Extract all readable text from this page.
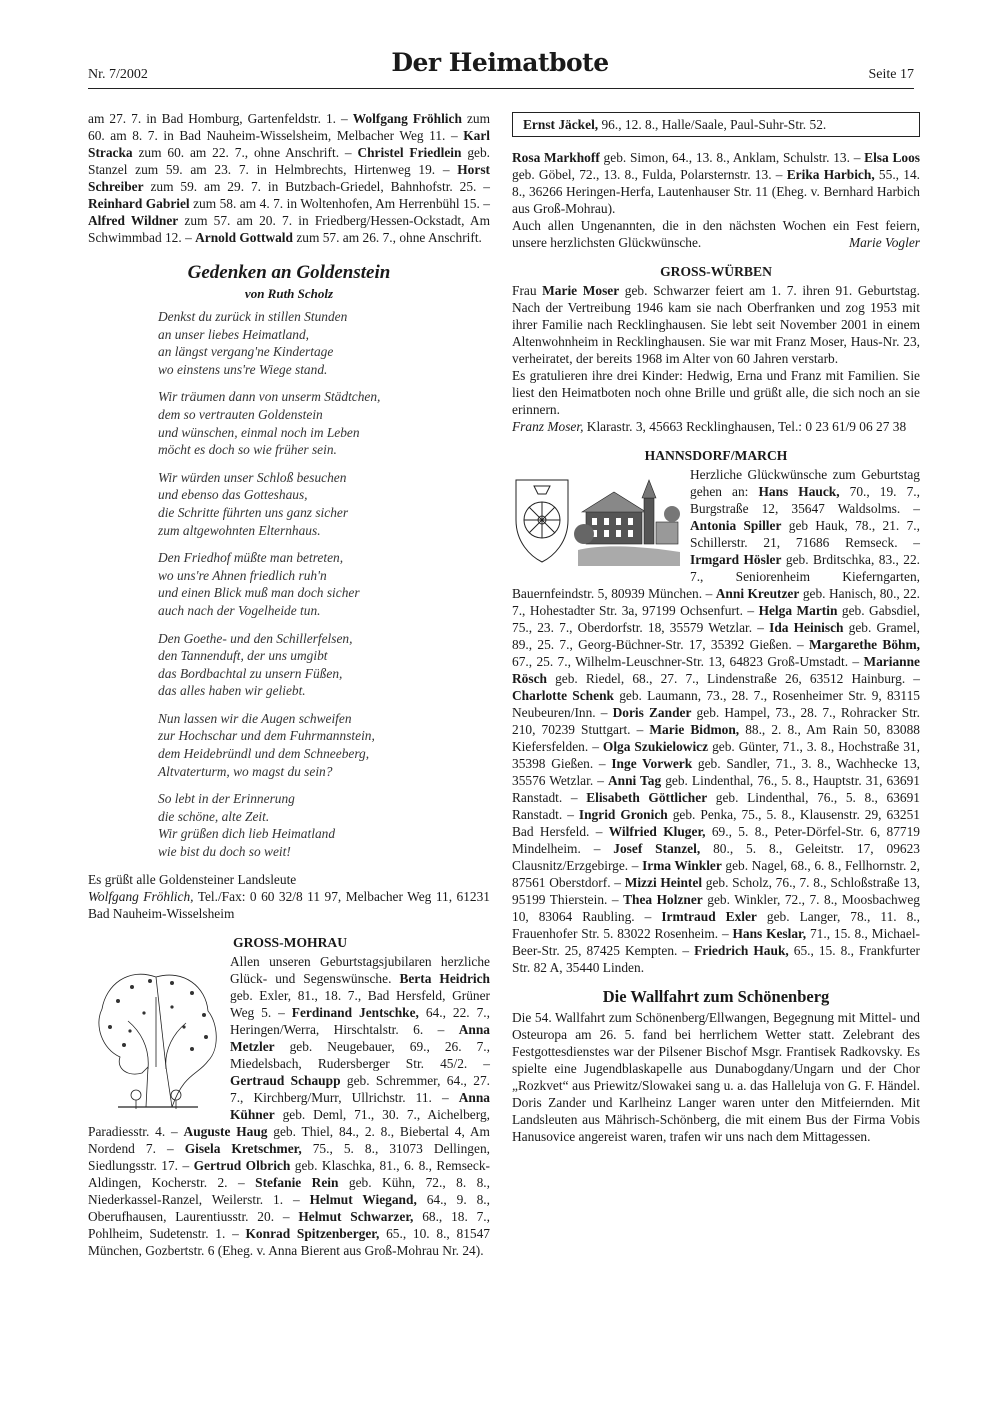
Nr. 7/2002	Der Heimatbote	Seite 17

am 27. 7. in Bad Homburg, Gartenfeldstr. 1. – Wolfgang Fröhlich zum 60. am 8. 7. in Bad Nauheim-Wisselsheim, Melbacher Weg 11. – Karl Stracka zum 60. am 22. 7., ohne Anschrift. – Christel Friedlein geb. Stanzel zum 59. am 23. 7. in Helmbrechts, Hirtenweg 19. – Horst Schreiber zum 59. am 29. 7. in Butzbach-Griedel, Bahnhofstr. 25. – Reinhard Gabriel zum 58. am 4. 7. in Woltenhofen, Am Herrenbühl 15. – Alfred Wildner zum 57. am 20. 7. in Friedberg/Hessen-Ockstadt, Am Schwimmbad 12. – Arnold Gottwald zum 57. am 26. 7., ohne Anschrift.

Gedenken an Goldenstein
von Ruth Scholz
Denkst du zurück in stillen Stunden
an unser liebes Heimatland,
an längst vergang'ne Kindertage
wo einstens uns're Wiege stand.
Wir träumen dann von unserm Städtchen,
dem so vertrauten Goldenstein
und wünschen, einmal noch im Leben
möcht es doch so wie früher sein.
Wir würden unser Schloß besuchen
und ebenso das Gotteshaus,
die Schritte führten uns ganz sicher
zum altgewohnten Elternhaus.
Den Friedhof müßte man betreten,
wo uns're Ahnen friedlich ruh'n
und einen Blick muß man doch sicher
auch nach der Vogelheide tun.
Den Goethe- und den Schillerfelsen,
den Tannenduft, der uns umgibt
das Bordbachtal zu unsern Füßen,
das alles haben wir geliebt.
Nun lassen wir die Augen schweifen
zur Hochschar und dem Fuhrmannstein,
dem Heidebründl und dem Schneeberg,
Altvaterturm, wo magst du sein?
So lebt in der Erinnerung
die schöne, alte Zeit.
Wir grüßen dich lieb Heimatland
wie bist du doch so weit!

Es grüßt alle Goldensteiner Landsleute

Wolfgang Fröhlich, Tel./Fax: 0 60 32/8 11 97, Melbacher Weg 11, 61231 Bad Nauheim-Wisselsheim

GROSS-MOHRAU
Allen unseren Geburtstagsjubilaren herzliche Glück- und Segenswünsche. Berta Heidrich geb. Exler, 81., 18. 7., Bad Hersfeld, Grüner Weg 5. – Ferdinand Jentschke, 64., 22. 7., Heringen/Werra, Hirschtalstr. 6. – Anna Metzler geb. Neugebauer, 69., 26. 7., Miedelsbach, Rudersberger Str. 45/2. – Gertraud Schaupp geb. Schremmer, 64., 27. 7., Kirchberg/Murr, Ullrichstr. 11. – Anna Kühner geb. Deml, 71., 30. 7., Aichelberg, Paradiesstr. 4. – Auguste Haug geb. Thiel, 84., 2. 8., Biebertal 4, Am Nordend 7. – Gisela Kretschmer, 75., 5. 8., 31073 Dellingen, Siedlungsstr. 17. – Gertrud Olbrich geb. Klaschka, 81., 6. 8., Remseck-Aldingen, Kocherstr. 2. – Stefanie Rein geb. Kühn, 72., 8. 8., Niederkassel-Ranzel, Weilerstr. 1. – Helmut Wiegand, 64., 9. 8., Oberufhausen, Laurentiusstr. 20. – Helmut Schwarzer, 68., 18. 7., Pohlheim, Sudetenstr. 1. – Konrad Spitzenberger, 65., 10. 8., 81547 München, Gozbertstr. 6 (Eheg. v. Anna Bierent aus Groß-Mohrau Nr. 24).
Ernst Jäckel, 96., 12. 8., Halle/Saale, Paul-Suhr-Str. 52.

Rosa Markhoff geb. Simon, 64., 13. 8., Anklam, Schulstr. 13. – Elsa Loos geb. Göbel, 72., 13. 8., Fulda, Polarsternstr. 13. – Erika Harbich, 55., 14. 8., 36266 Heringen-Herfa, Lautenhauser Str. 11 (Eheg. v. Bernhard Harbich aus Groß-Mohrau).

Auch allen Ungenannten, die in den nächsten Wochen ein Fest feiern, unsere herzlichsten Glückwünsche.	Marie Vogler

GROSS-WÜRBEN

Frau Marie Moser geb. Schwarzer feiert am 1. 7. ihren 91. Geburtstag. Nach der Vertreibung 1946 kam sie nach Oberfranken und zog 1953 mit ihrer Familie nach Recklinghausen. Sie lebt seit November 2001 in einem Altenwohnheim in Recklinghausen. Sie war mit Franz Moser, Haus-Nr. 23, verheiratet, der bereits 1968 im Alter von 60 Jahren verstarb.

Es gratulieren ihre drei Kinder: Hedwig, Erna und Franz mit Familien. Sie liest den Heimatboten noch ohne Brille und grüßt alle, die sich noch an sie erinnern.

Franz Moser, Klarastr. 3, 45663 Recklinghausen, Tel.: 0 23 61/9 06 27 38

HANNSDORF/MARCH
Herzliche Glückwünsche zum Geburtstag gehen an: Hans Hauck, 70., 19. 7., Burgstraße 12, 35647 Waldsolms. – Antonia Spiller geb Hauk, 78., 21. 7., Schillerstr. 21, 71686 Remseck. – Irmgard Hösler geb. Brditschka, 83., 22. 7., Seniorenheim Kieferngarten, Bauernfeindstr. 5, 80939 München. – Anni Kreutzer geb. Hanisch, 80., 22. 7., Hohestadter Str. 3a, 97199 Ochsenfurt. – Helga Martin geb. Gabsdiel, 75., 23. 7., Oberdorfstr. 18, 35579 Wetzlar. – Ida Heinisch geb. Gramel, 89., 25. 7., Georg-Büchner-Str. 17, 35392 Gießen. – Margarethe Böhm, 67., 25. 7., Wilhelm-Leuschner-Str. 13, 64823 Groß-Umstadt. – Marianne Rösch geb. Riedel, 68., 27. 7., Lindenstraße 26, 63512 Hainburg. – Charlotte Schenk geb. Laumann, 73., 28. 7., Rosenheimer Str. 9, 83115 Neubeuren/Inn. – Doris Zander geb. Hampel, 73., 28. 7., Rohracker Str. 210, 70239 Stuttgart. – Marie Bidmon, 88., 2. 8., Am Rain 50, 83088 Kiefersfelden. – Olga Szukielowicz geb. Günter, 71., 3. 8., Hochstraße 31, 35398 Gießen. – Inge Vorwerk geb. Sandler, 71., 3. 8., Wachhecke 13, 35576 Wetzlar. – Anni Tag geb. Lindenthal, 76., 5. 8., Hauptstr. 31, 63691 Ranstadt. – Elisabeth Göttlicher geb. Lindenthal, 76., 5. 8., 63691 Ranstadt. – Ingrid Gronich geb. Penka, 75., 5. 8., Klausenstr. 29, 63251 Bad Hersfeld. – Wilfried Kluger, 69., 5. 8., Peter-Dörfel-Str. 6, 87719 Mindelheim. – Josef Stanzel, 80., 5. 8., Geleitstr. 17, 09623 Clausnitz/Erzgebirge. – Irma Winkler geb. Nagel, 68., 6. 8., Fellhornstr. 2, 87561 Oberstdorf. – Mizzi Heintel geb. Scholz, 76., 7. 8., Schloßstraße 13, 95199 Thierstein. – Thea Holzner geb. Winkler, 72., 7. 8., Moosbachweg 10, 83064 Raubling. – Irmtraud Exler geb. Langer, 78., 11. 8., Frauenhofer Str. 5. 83022 Rosenheim. – Hans Keslar, 71., 15. 8., Michael-Beer-Str. 25, 87425 Kempten. – Friedrich Hauk, 65., 15. 8., Frankfurter Str. 82 A, 35440 Linden.
Die Wallfahrt zum Schönenberg

Die 54. Wallfahrt zum Schönenberg/Ellwangen, Begegnung mit Mittel- und Osteuropa am 26. 5. fand bei herrlichem Wetter statt. Zelebrant des Festgottesdienstes war der Pilsener Bischof Msgr. Frantisek Radkovsky. Es spielte eine Jugendblaskapelle aus Dunabogdany/Ungarn und der Chor „Rozkvet“ aus Priewitz/Slowakei sang u. a. das Halleluja von G. F. Händel. Doris Zander und Karlheinz Langer waren unter den Mitfeiernden. Mit Landsleuten aus Mährisch-Schönberg, die mit einem Bus der Firma Vobis Hanusovice angereist waren, trafen wir uns nach dem Mittagessen.
